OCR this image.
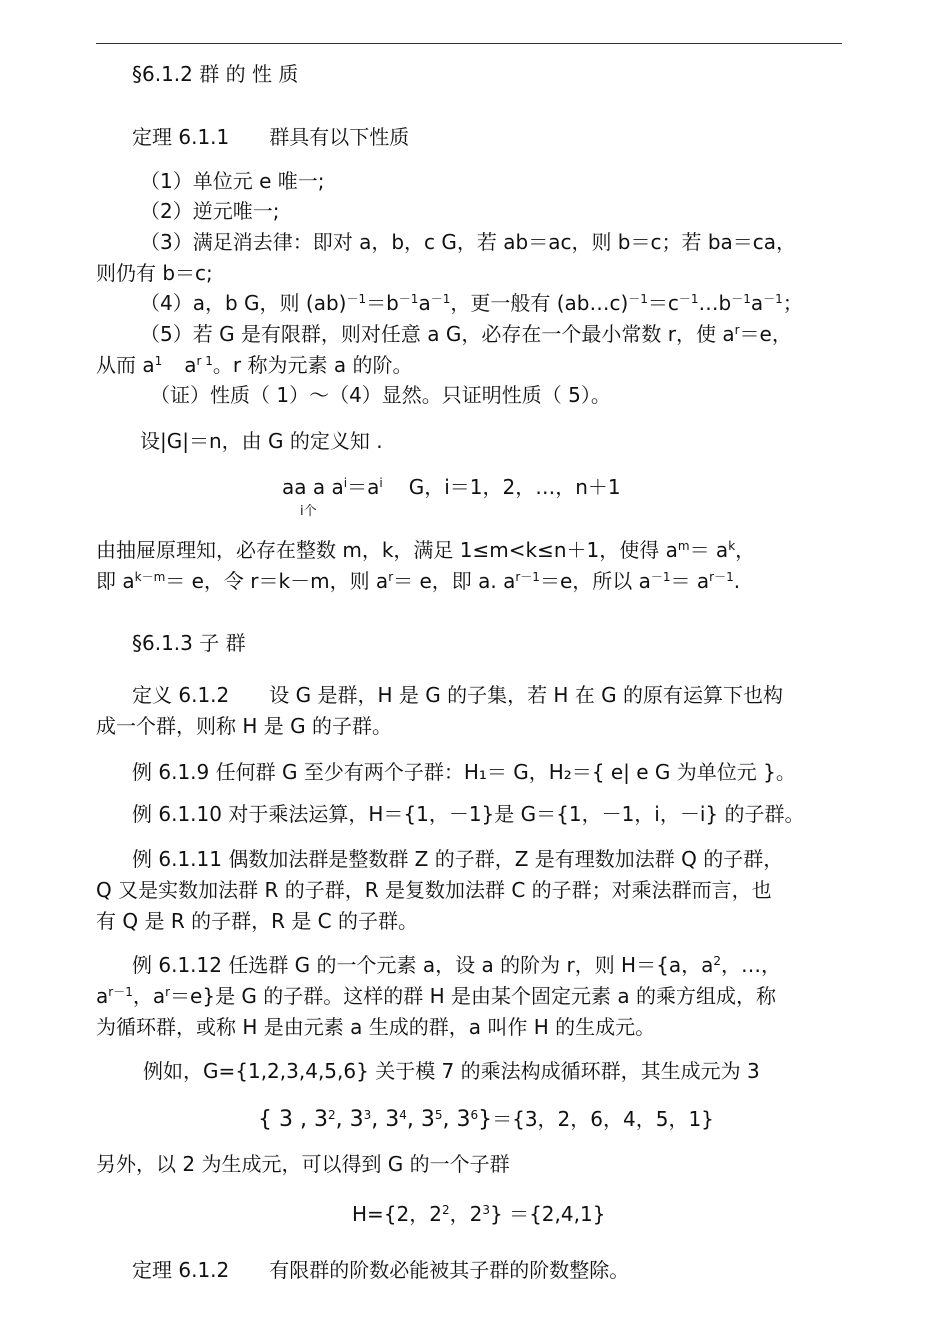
§6.1.2 群 的 性 质
定理 6.1.1 群具有以下性质
（1）单位元 e 唯一;
（2）逆元唯一;
（3）满足消去律：即对 a，b，c G，若 ab＝ac，则 b＝c；若 ba＝ca，
则仍有 b＝c;
（4）a，b G，则 $(ab)^{-1}=b^{-1}a^{-1}$，更一般有 $(ab\dots c)^{-1}=c^{-1}\dots b^{-1}a^{-1}$；
（5）若 G 是有限群，则对任意 a G，必存在一个最小常数 r，使 $a^r=e$，
从而 $a^1$ $a^{r 1}$。r 称为元素 a 的阶。
（证）性质（ 1）～（4）显然。只证明性质（ 5）。
设|G|＝n，由 G 的定义知 .
aa a $a^i=a^i$ G，i＝1，2，…，n＋1
i个
由抽屉原理知，必存在整数 m，k，满足 1≤m<k≤n＋1，使得 $a^m= a^k$，
即 $a^{k-m}= e$，令 r＝k－m，则 $a^r= e$，即 a. $a^{r-1}=e$，所以 $a^{-1}= a^{r-1}$.
§6.1.3 子 群
定义 6.1.2 设 G 是群，H 是 G 的子集，若 H 在 G 的原有运算下也构
成一个群，则称 H 是 G 的子群。
例 6.1.9 任何群 G 至少有两个子群：H₁＝ G，H₂＝{ e| e G 为单位元 }。
例 6.1.10 对于乘法运算，H＝{1，－1}是 G＝{1，－1，i，－i} 的子群。
例 6.1.11 偶数加法群是整数群 Z 的子群，Z 是有理数加法群 Q 的子群，
Q 又是实数加法群 R 的子群，R 是复数加法群 C 的子群；对乘法群而言，也
有 Q 是 R 的子群，R 是 C 的子群。
例 6.1.12 任选群 G 的一个元素 a，设 a 的阶为 r，则 H＝{a，$a^2$，…，
$a^{r-1}$，$a^r=e$}是 G 的子群。这样的群 H 是由某个固定元素 a 的乘方组成，称
为循环群，或称 H 是由元素 a 生成的群，a 叫作 H 的生成元。
例如，G={1,2,3,4,5,6} 关于模 7 的乘法构成循环群，其生成元为 3
{ 3 , $3^2$, $3^3$, $3^4$, $3^5$, $3^6\}=\{3$，2，6，4，5，1}
另外，以 2 为生成元，可以得到 G 的一个子群
H={2，$2^2$，$2^3\} =\{2,4,1\}$
定理 6.1.2 有限群的阶数必能被其子群的阶数整除。
